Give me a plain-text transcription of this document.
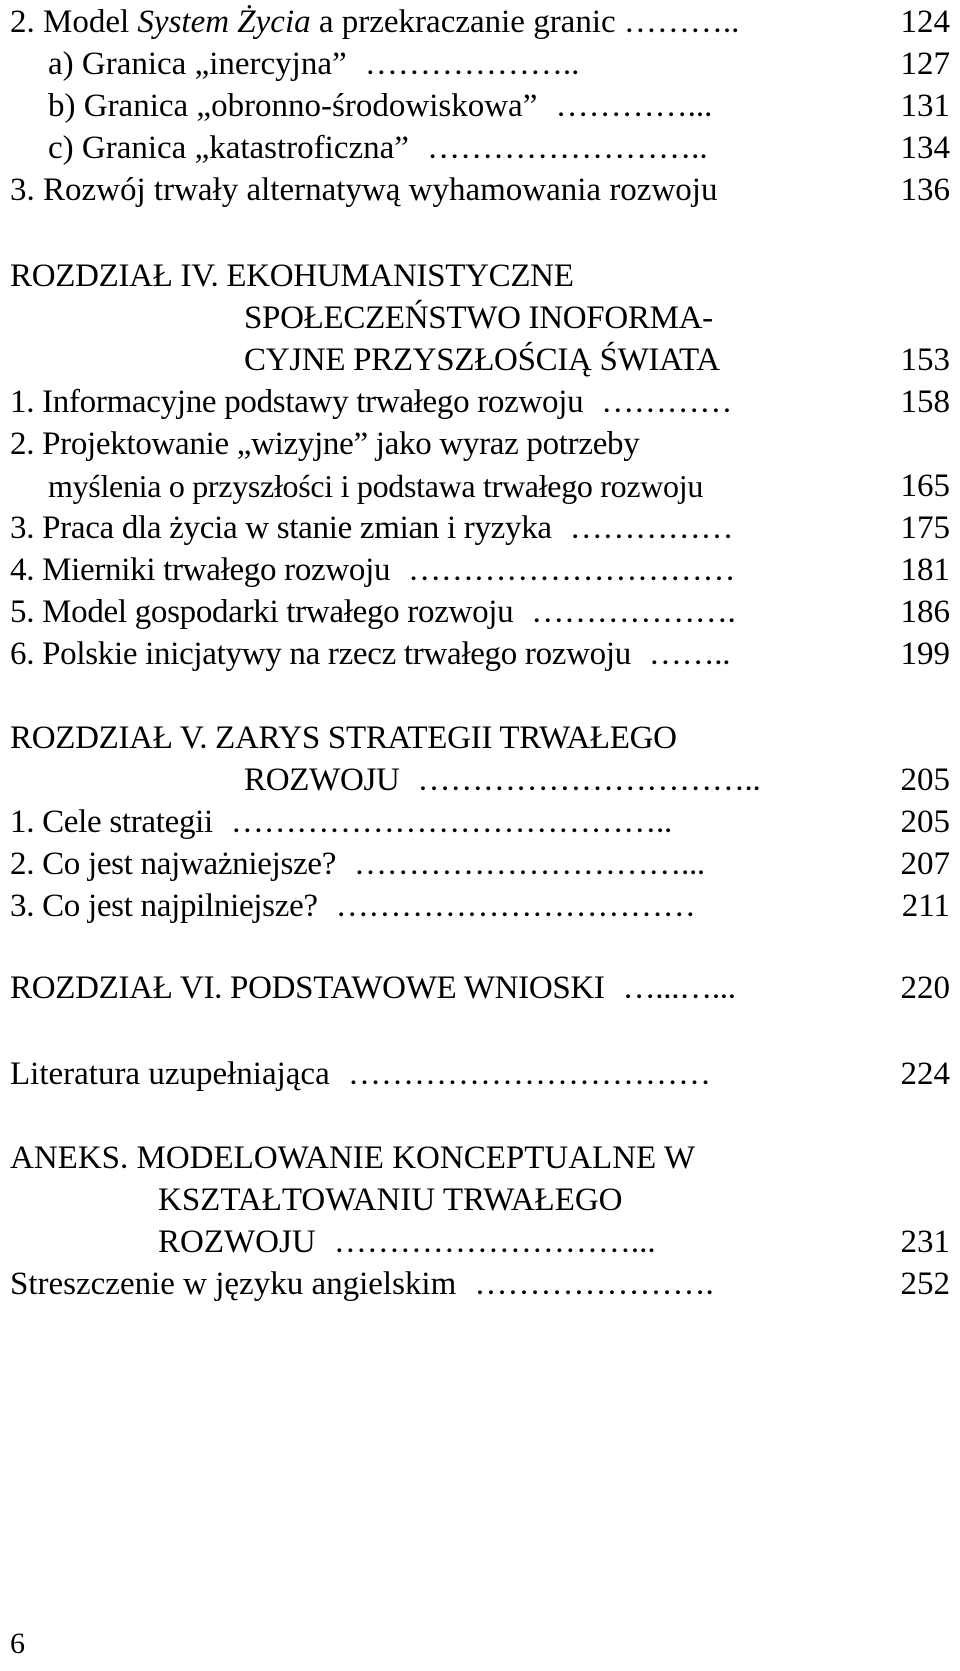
2. Model System Życia a przekraczanie granic ………..	124
a) Granica „inercyjna” ………………..	127
b) Granica „obronno-środowiskowa” …………...	131
c) Granica „katastroficzna” ……………………..	134
3. Rozwój trwały alternatywą wyhamowania rozwoju	136
ROZDZIAŁ IV. EKOHUMANISTYCZNE
SPOŁECZEŃSTWO INOFORMA-
CYJNE PRZYSZŁOŚCIĄ ŚWIATA	153
1. Informacyjne podstawy trwałego rozwoju …………	158
2. Projektowanie „wizyjne” jako wyraz potrzeby
myślenia o przyszłości i podstawa trwałego rozwoju	165
3. Praca dla życia w stanie zmian i ryzyka ……………	175
4. Mierniki trwałego rozwoju …………………………	181
5. Model gospodarki trwałego rozwoju ……………….	186
6. Polskie inicjatywy na rzecz trwałego rozwoju ……..	199
ROZDZIAŁ V. ZARYS STRATEGII TRWAŁEGO
ROZWOJU …………………………..	205
1. Cele strategii …………………………………..	205
2. Co jest najważniejsze? …………………………...	207
3. Co jest najpilniejsze? ……………………………	211
ROZDZIAŁ VI. PODSTAWOWE WNIOSKI …...…...	220
Literatura uzupełniająca ……………………………	224
ANEKS. MODELOWANIE KONCEPTUALNE W
KSZTAŁTOWANIU TRWAŁEGO
ROZWOJU ………………………...	231
Streszczenie w języku angielskim ………………….	252
6
